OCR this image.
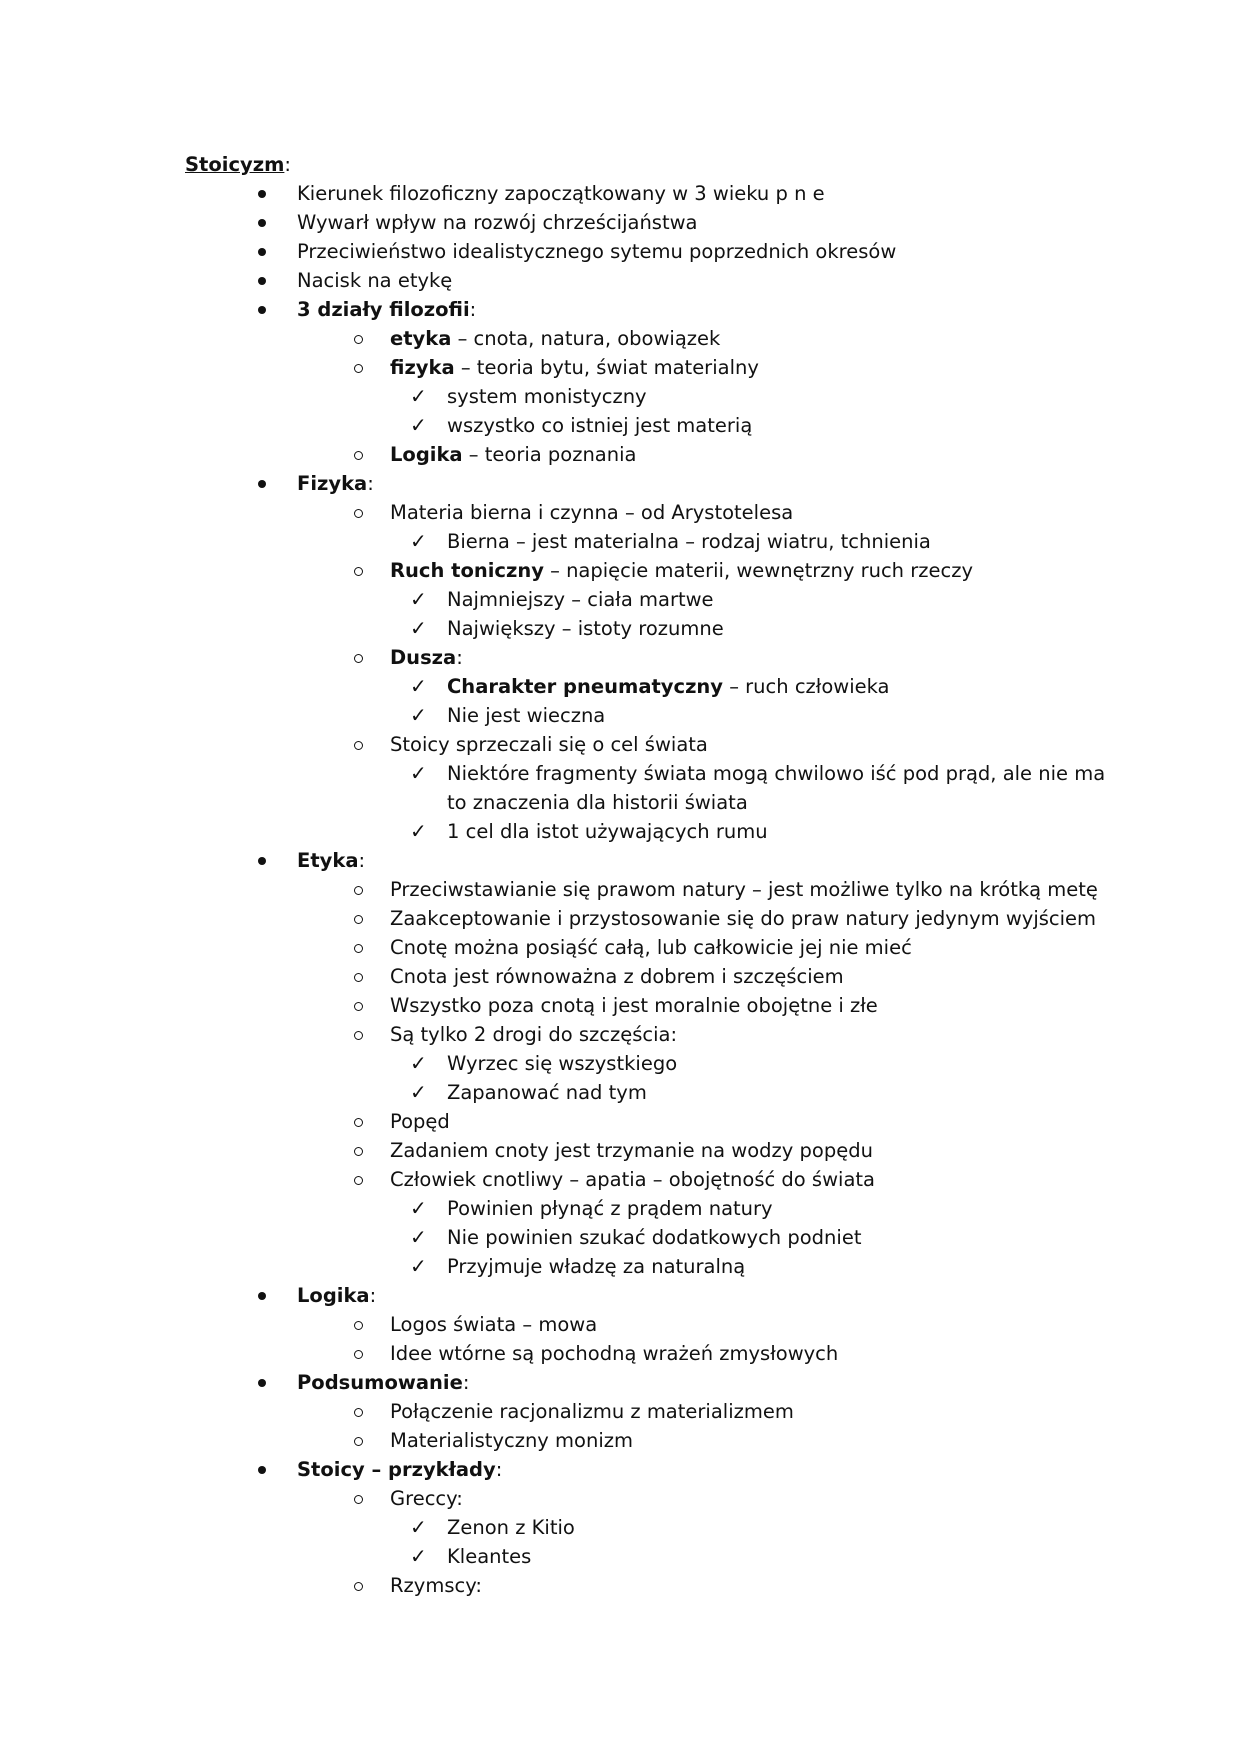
Stoicyzm:
Kierunek filozoficzny zapoczątkowany w 3 wieku p n e
Wywarł wpływ na rozwój chrześcijaństwa
Przeciwieństwo idealistycznego sytemu poprzednich okresów
Nacisk na etykę
3 działy filozofii:
etyka – cnota, natura, obowiązek
fizyka – teoria bytu, świat materialny
✓ system monistyczny
✓ wszystko co istniej jest materią
Logika – teoria poznania
Fizyka:
Materia bierna i czynna – od Arystotelesa
✓ Bierna – jest materialna – rodzaj wiatru, tchnienia
Ruch toniczny – napięcie materii, wewnętrzny ruch rzeczy
✓ Najmniejszy – ciała martwe
✓ Największy – istoty rozumne
Dusza:
✓ Charakter pneumatyczny – ruch człowieka
✓ Nie jest wieczna
Stoicy sprzeczali się o cel świata
✓ Niektóre fragmenty świata mogą chwilowo iść pod prąd, ale nie ma
to znaczenia dla historii świata
✓ 1 cel dla istot używających rumu
Etyka:
Przeciwstawianie się prawom natury – jest możliwe tylko na krótką metę
Zaakceptowanie i przystosowanie się do praw natury jedynym wyjściem
Cnotę można posiąść całą, lub całkowicie jej nie mieć
Cnota jest równoważna z dobrem i szczęściem
Wszystko poza cnotą i jest moralnie obojętne i złe
Są tylko 2 drogi do szczęścia:
✓ Wyrzec się wszystkiego
✓ Zapanować nad tym
Popęd
Zadaniem cnoty jest trzymanie na wodzy popędu
Człowiek cnotliwy – apatia – obojętność do świata
✓ Powinien płynąć z prądem natury
✓ Nie powinien szukać dodatkowych podniet
✓ Przyjmuje władzę za naturalną
Logika:
Logos świata – mowa
Idee wtórne są pochodną wrażeń zmysłowych
Podsumowanie:
Połączenie racjonalizmu z materializmem
Materialistyczny monizm
Stoicy – przykłady:
Greccy:
✓ Zenon z Kitio
✓ Kleantes
Rzymscy:
